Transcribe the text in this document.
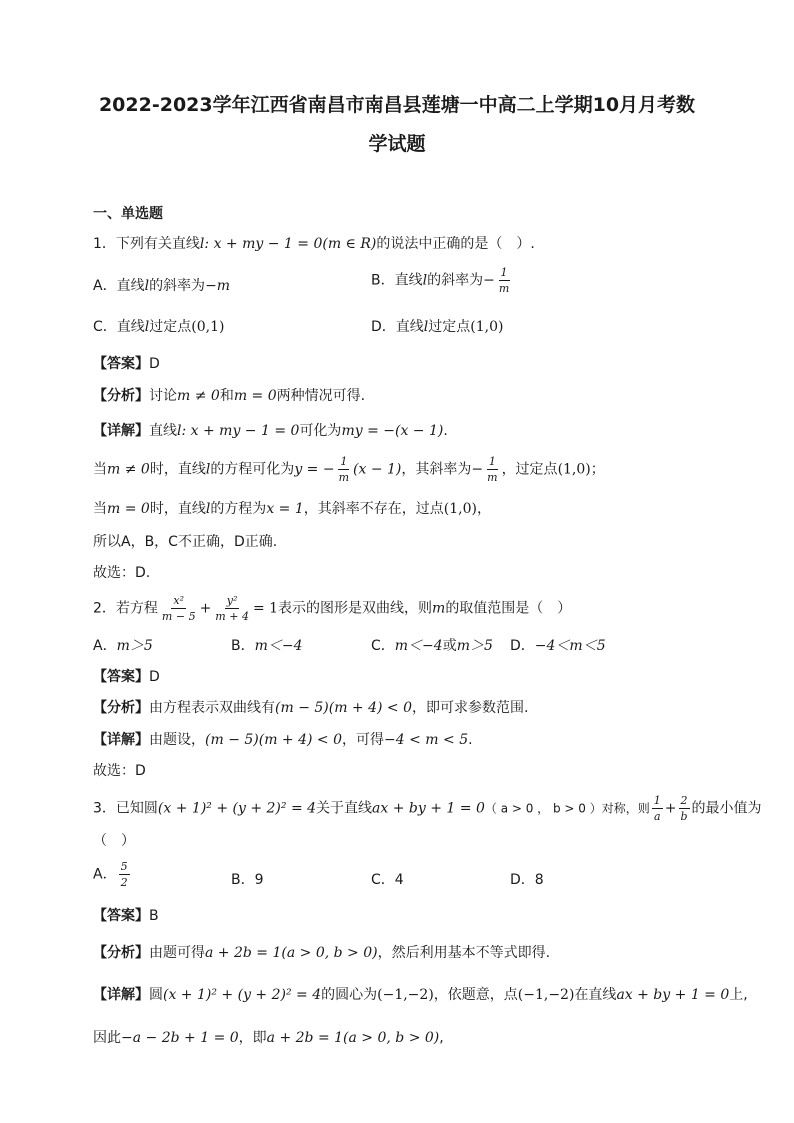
2022-2023学年江西省南昌市南昌县莲塘一中高二上学期10月月考数
学试题
一、单选题
1．下列有关直线l: x + my − 1 = 0(m ∈ R)的说法中正确的是（　）.
A．直线l的斜率为−m	B．直线l的斜率为− $\frac{1}{m}$
C．直线l过定点(0,1)	D．直线l过定点(1,0)
【答案】D
【分析】讨论m ≠ 0和m = 0两种情况可得.
【详解】直线l: x + my − 1 = 0可化为my = −(x − 1).
当m ≠ 0时，直线l的方程可化为y = − $\frac{1}{m} (x - 1)$，其斜率为− $\frac{1}{m}$ ，过定点(1,0)；
当m = 0时，直线l的方程为x = 1，其斜率不存在，过点(1,0)，
所以A，B，C不正确，D正确.
故选：D.
2．若方程 $\frac{\text{x²}}{m - 5} + \frac{\text{y²}}{m + 4} = 1$表示的图形是双曲线，则m的取值范围是（　）
A．m＞5	B．m＜−4	C．m＜−4或m＞5 D．−4＜m＜5
【答案】D
【分析】由方程表示双曲线有(m − 5)(m + 4) < 0，即可求参数范围.
【详解】由题设，(m − 5)(m + 4) < 0，可得−4 < m < 5.
故选：D
3．已知圆(x + 1)² + (y + 2)² = 4关于直线ax + by + 1 = 0（ a > 0 ， b > 0 ）对称，则 $\frac{1}{a} + \frac{2}{b}$ 的最小值为
（　）
A． $\frac{5}{2}$	B．9	C．4	D．8
【答案】B
【分析】由题可得a + 2b = 1(a > 0, b > 0)，然后利用基本不等式即得.
【详解】圆(x + 1)² + (y + 2)² = 4的圆心为(−1,−2)，依题意，点(−1,−2)在直线ax + by + 1 = 0上,
因此−a − 2b + 1 = 0，即a + 2b = 1(a > 0, b > 0),
